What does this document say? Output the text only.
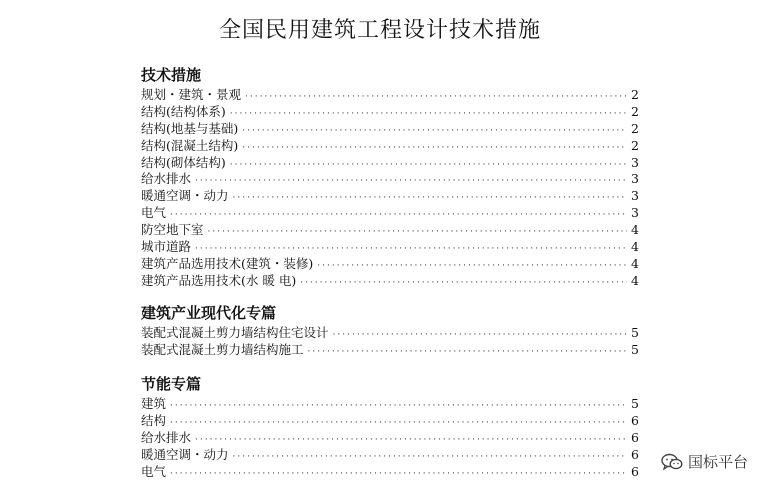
全国民用建筑工程设计技术措施
技术措施
规划・建筑・景观 ·····	2
结构(结构体系) ·····	2
结构(地基与基础) ·····	2
结构(混凝土结构) ·····	2
结构(砌体结构) ·····	3
给水排水 ·····	3
暖通空调・动力 ·····	3
电气 ·····	3
防空地下室 ·····	4
城市道路 ·····	4
建筑产品选用技术(建筑・装修) ·····	4
建筑产品选用技术(水 暖 电) ·····	4
建筑产业现代化专篇
装配式混凝土剪力墙结构住宅设计 ·····	5
装配式混凝土剪力墙结构施工 ·····	5
节能专篇
建筑 ·····	5
结构 ·····	6
给水排水 ·····	6
暖通空调・动力 ·····	6
电气 ·····	6
国标平台
